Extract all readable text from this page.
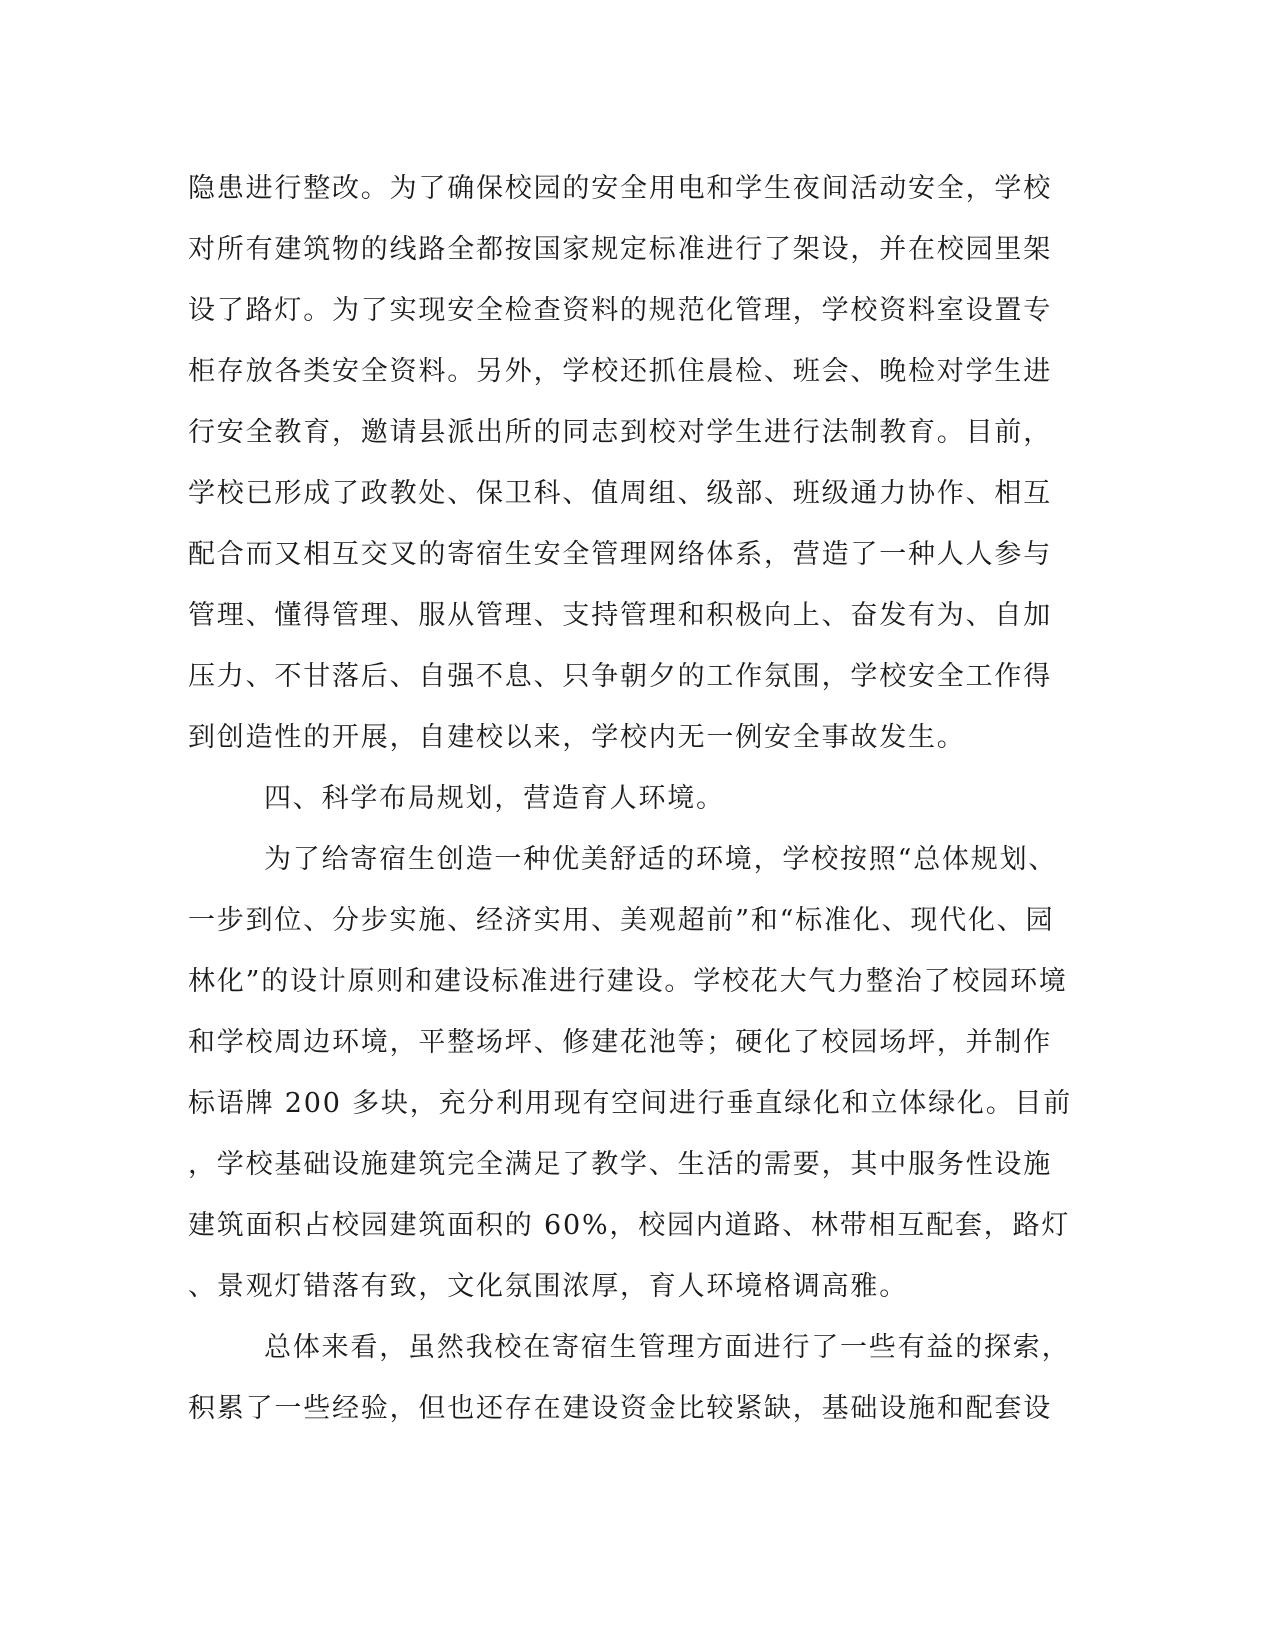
隐患进行整改。为了确保校园的安全用电和学生夜间活动安全，学校
对所有建筑物的线路全都按国家规定标准进行了架设，并在校园里架
设了路灯。为了实现安全检查资料的规范化管理，学校资料室设置专
柜存放各类安全资料。另外，学校还抓住晨检、班会、晚检对学生进
行安全教育，邀请县派出所的同志到校对学生进行法制教育。目前，
学校已形成了政教处、保卫科、值周组、级部、班级通力协作、相互
配合而又相互交叉的寄宿生安全管理网络体系，营造了一种人人参与
管理、懂得管理、服从管理、支持管理和积极向上、奋发有为、自加
压力、不甘落后、自强不息、只争朝夕的工作氛围，学校安全工作得
到创造性的开展，自建校以来，学校内无一例安全事故发生。
四、科学布局规划，营造育人环境。
为了给寄宿生创造一种优美舒适的环境，学校按照“总体规划、
一步到位、分步实施、经济实用、美观超前”和“标准化、现代化、园
林化”的设计原则和建设标准进行建设。学校花大气力整治了校园环境
和学校周边环境，平整场坪、修建花池等；硬化了校园场坪，并制作
标语牌 200 多块，充分利用现有空间进行垂直绿化和立体绿化。目前
，学校基础设施建筑完全满足了教学、生活的需要，其中服务性设施
建筑面积占校园建筑面积的 60%，校园内道路、林带相互配套，路灯
、景观灯错落有致，文化氛围浓厚，育人环境格调高雅。
总体来看，虽然我校在寄宿生管理方面进行了一些有益的探索，
积累了一些经验，但也还存在建设资金比较紧缺，基础设施和配套设
